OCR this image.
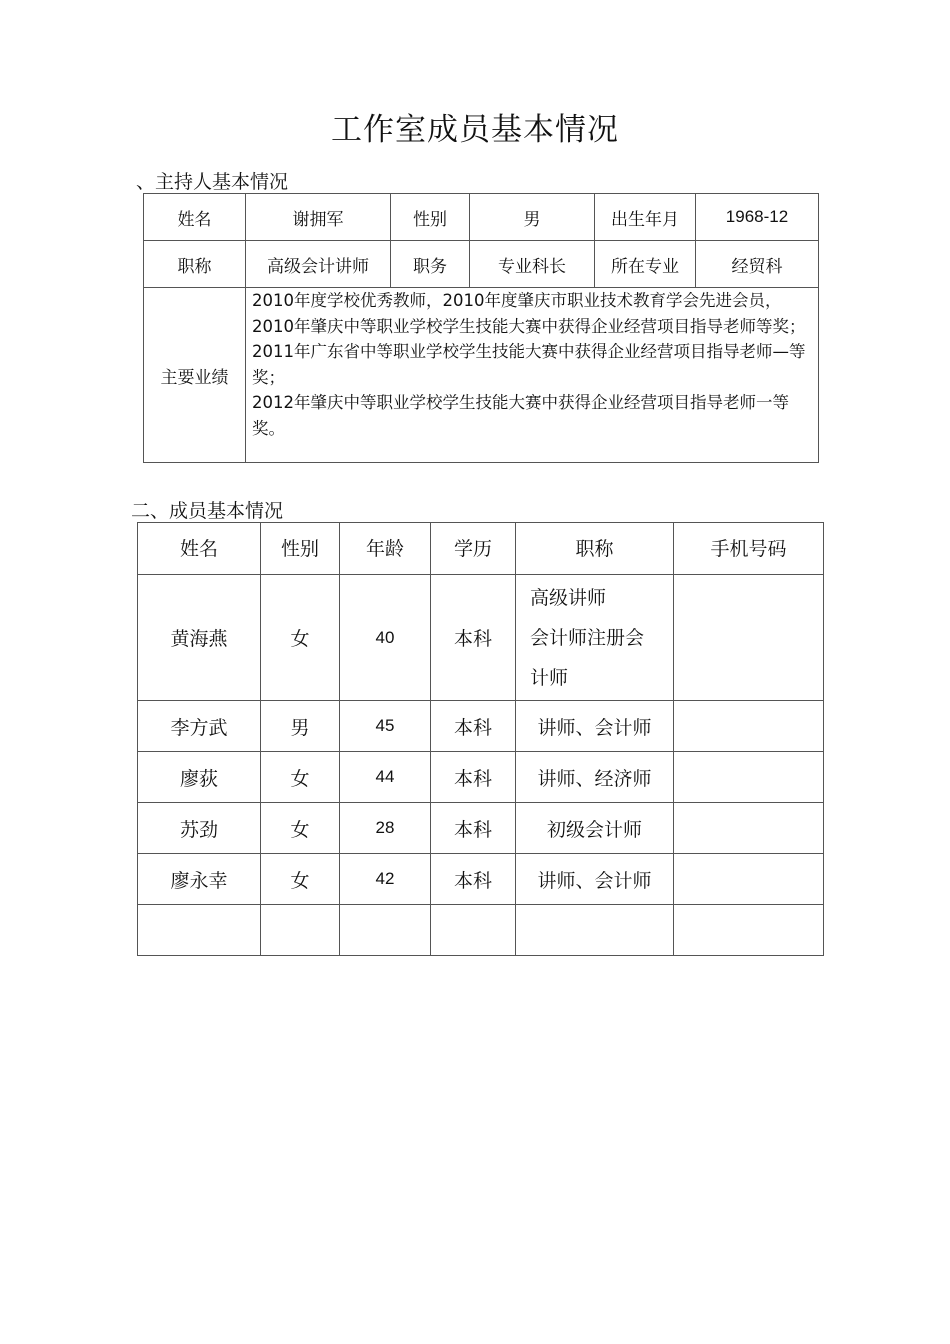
工作室成员基本情况
、主持人基本情况
姓名	谢拥军	性别	男	出生年月	1968-12
职称	高级会计讲师	职务	专业科长	所在专业	经贸科
主要业绩	2010年度学校优秀教师，2010年度肇庆市职业技术教育学会先进会员，2010年肇庆中等职业学校学生技能大赛中获得企业经营项目指导老师等奖；
2011年广东省中等职业学校学生技能大赛中获得企业经营项目指导老师—等奖；
2012年肇庆中等职业学校学生技能大赛中获得企业经营项目指导老师一等奖。				
二、成员基本情况
姓名	性别	年龄	学历	职称	手机号码
黄海燕	女	40	本科	高级讲师
会计师注册会
计师	

李方武	男	45	本科	讲师、会计师	
廖荻	女	44	本科	讲师、经济师	
苏劲	女	28	本科	初级会计师	
廖永幸	女	42	本科	讲师、会计师	
